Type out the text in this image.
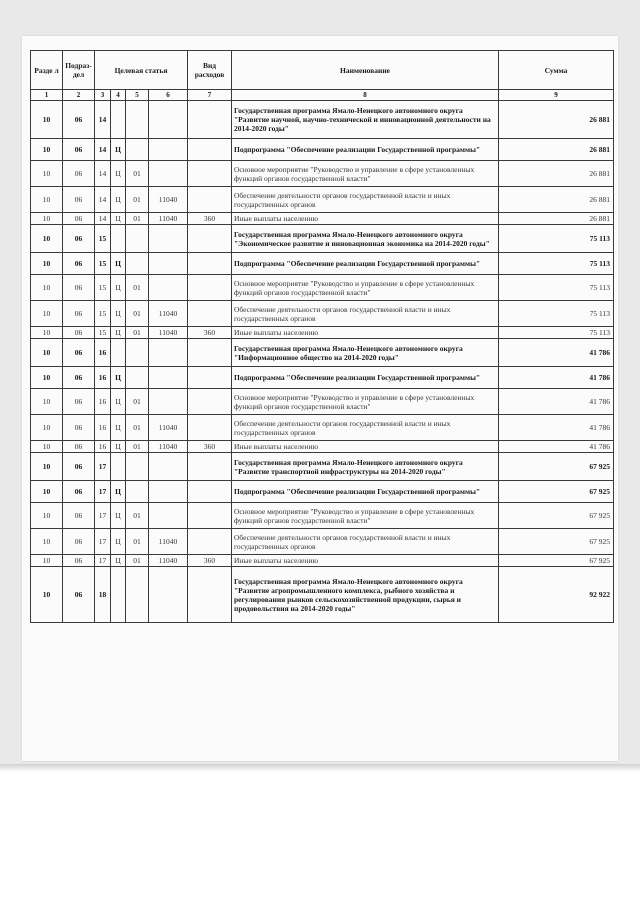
Разде л	Подраз- дел	Целевая статья				Вид расходов	Наименование	Сумма
1	2	3	4	5	6	7	8	9
10	06	14					Государственная программа Ямало-Ненецкого автономного округа "Развитие научной, научно-технической и инновационной деятельности на 2014-2020 годы"	26 881
10	06	14	Ц				Подпрограмма "Обеспечение реализации Государственной программы"	26 881
10	06	14	Ц	01			Основное мероприятие "Руководство и управление в сфере установленных функций органов государственной власти"	26 881
10	06	14	Ц	01	11040		Обеспечение деятельности органов государственной власти и иных государственных органов	26 881
10	06	14	Ц	01	11040	360	Иные выплаты населению	26 881
10	06	15					Государственная программа Ямало-Ненецкого автономного округа "Экономическое развитие и инновационная экономика на 2014-2020 годы"	75 113
10	06	15	Ц				Подпрограмма "Обеспечение реализации Государственной программы"	75 113
10	06	15	Ц	01			Основное мероприятие "Руководство и управление в сфере установленных функций органов государственной власти"	75 113
10	06	15	Ц	01	11040		Обеспечение деятельности органов государственной власти и иных государственных органов	75 113
10	06	15	Ц	01	11040	360	Иные выплаты населению	75 113
10	06	16					Государственная программа Ямало-Ненецкого автономного округа "Информационное общество на 2014-2020 годы"	41 786
10	06	16	Ц				Подпрограмма "Обеспечение реализации Государственной программы"	41 786
10	06	16	Ц	01			Основное мероприятие "Руководство и управление в сфере установленных функций органов государственной власти"	41 786
10	06	16	Ц	01	11040		Обеспечение деятельности органов государственной власти и иных государственных органов	41 786
10	06	16	Ц	01	11040	360	Иные выплаты населению	41 786
10	06	17					Государственная программа Ямало-Ненецкого автономного округа "Развитие транспортной инфраструктуры на 2014-2020 годы"	67 925
10	06	17	Ц				Подпрограмма "Обеспечение реализации Государственной программы"	67 925
10	06	17	Ц	01			Основное мероприятие "Руководство и управление в сфере установленных функций органов государственной власти"	67 925
10	06	17	Ц	01	11040		Обеспечение деятельности органов государственной власти и иных государственных органов	67 925
10	06	17	Ц	01	11040	360	Иные выплаты населению	67 925
10	06	18					Государственная программа Ямало-Ненецкого автономного округа "Развитие агропромышленного комплекса, рыбного хозяйства и регулирования рынков сельскохозяйственной продукции, сырья и продовольствия на 2014-2020 годы"	92 922
